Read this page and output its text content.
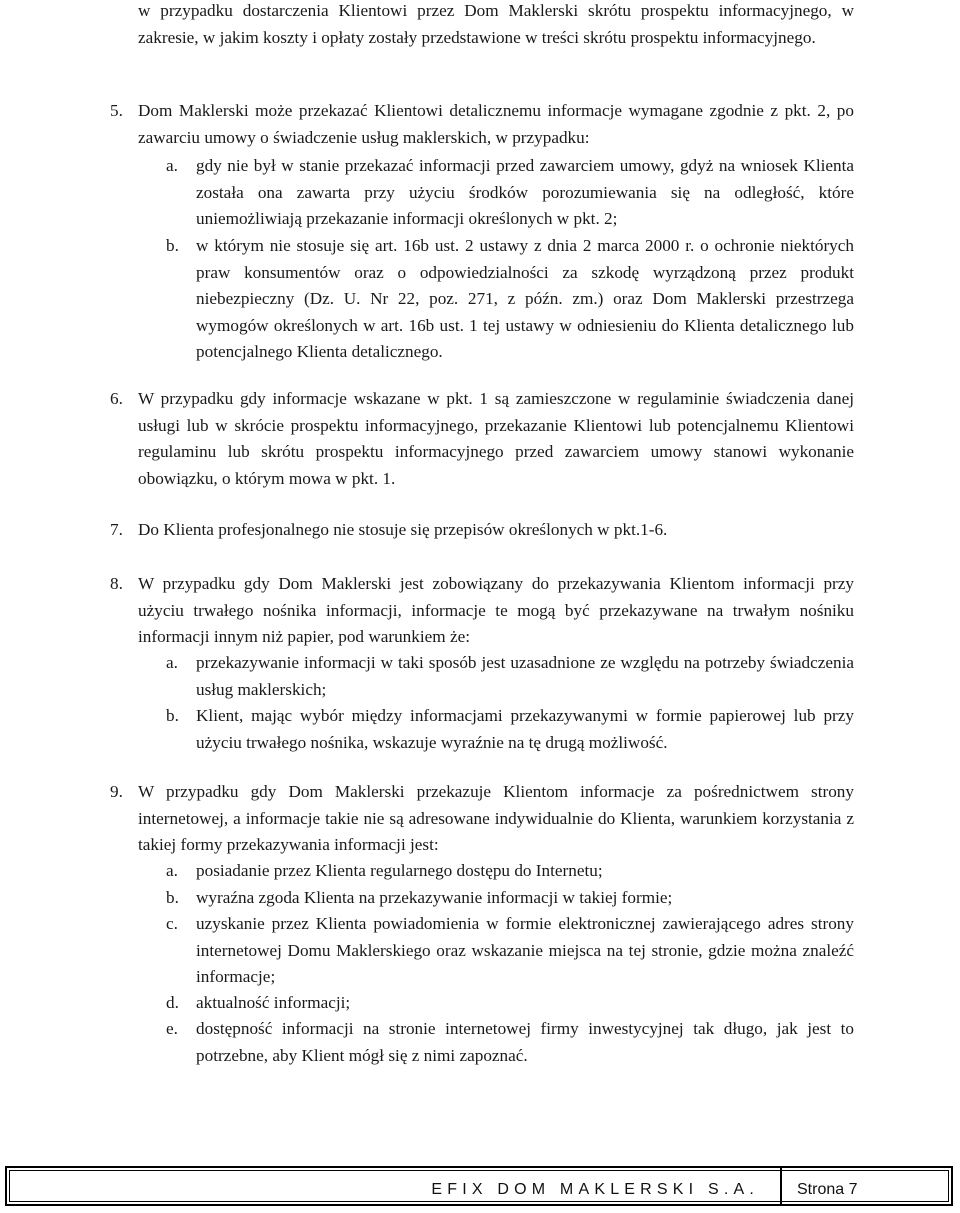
w przypadku dostarczenia Klientowi przez Dom Maklerski skrótu prospektu informacyjnego, w zakresie, w jakim koszty i opłaty zostały przedstawione w treści skrótu prospektu informacyjnego.
5. Dom Maklerski może przekazać Klientowi detalicznemu informacje wymagane zgodnie z pkt. 2, po zawarciu umowy o świadczenie usług maklerskich, w przypadku:
a. gdy nie był w stanie przekazać informacji przed zawarciem umowy, gdyż na wniosek Klienta została ona zawarta przy użyciu środków porozumiewania się na odległość, które uniemożliwiają przekazanie informacji określonych w pkt. 2;
b. w którym nie stosuje się art. 16b ust. 2 ustawy z dnia 2 marca 2000 r. o ochronie niektórych praw konsumentów oraz o odpowiedzialności za szkodę wyrządzoną przez produkt niebezpieczny (Dz. U. Nr 22, poz. 271, z późn. zm.) oraz Dom Maklerski przestrzega wymogów określonych w art. 16b ust. 1 tej ustawy w odniesieniu do Klienta detalicznego lub potencjalnego Klienta detalicznego.
6. W przypadku gdy informacje wskazane w pkt. 1 są zamieszczone w regulaminie świadczenia danej usługi lub w skrócie prospektu informacyjnego, przekazanie Klientowi lub potencjalnemu Klientowi regulaminu lub skrótu prospektu informacyjnego przed zawarciem umowy stanowi wykonanie obowiązku, o którym mowa w pkt. 1.
7. Do Klienta profesjonalnego nie stosuje się przepisów określonych w pkt.1-6.
8. W przypadku gdy Dom Maklerski jest zobowiązany do przekazywania Klientom informacji przy użyciu trwałego nośnika informacji, informacje te mogą być przekazywane na trwałym nośniku informacji innym niż papier, pod warunkiem że:
a. przekazywanie informacji w taki sposób jest uzasadnione ze względu na potrzeby świadczenia usług maklerskich;
b. Klient, mając wybór między informacjami przekazywanymi w formie papierowej lub przy użyciu trwałego nośnika, wskazuje wyraźnie na tę drugą możliwość.
9. W przypadku gdy Dom Maklerski przekazuje Klientom informacje za pośrednictwem strony internetowej, a informacje takie nie są adresowane indywidualnie do Klienta, warunkiem korzystania z takiej formy przekazywania informacji jest:
a. posiadanie przez Klienta regularnego dostępu do Internetu;
b. wyraźna zgoda Klienta na przekazywanie informacji w takiej formie;
c. uzyskanie przez Klienta powiadomienia w formie elektronicznej zawierającego adres strony internetowej Domu Maklerskiego oraz wskazanie miejsca na tej stronie, gdzie można znaleźć informacje;
d. aktualność informacji;
e. dostępność informacji na stronie internetowej firmy inwestycyjnej tak długo, jak jest to potrzebne, aby Klient mógł się z nimi zapoznać.
EFIX DOM MAKLERSKI S.A. Strona 7
